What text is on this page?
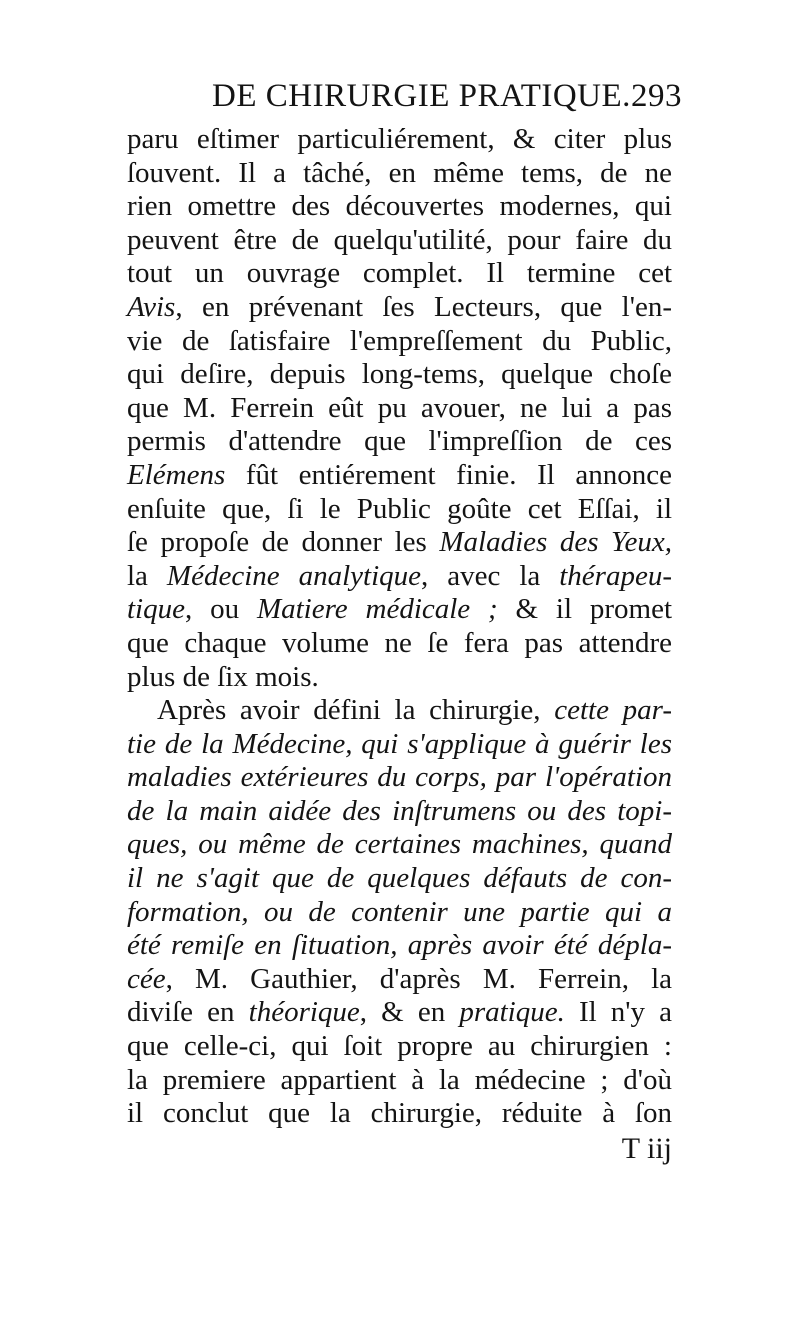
DE CHIRURGIE PRATIQUE. 293
paru eſtimer particuliérement, & citer plus
ſouvent. Il a tâché, en même tems, de ne
rien omettre des découvertes modernes, qui
peuvent être de quelqu'utilité, pour faire du
tout un ouvrage complet. Il termine cet
Avis, en prévenant ſes Lecteurs, que l'en-
vie de ſatisfaire l'empreſſement du Public,
qui deſire, depuis long-tems, quelque choſe
que M. Ferrein eût pu avouer, ne lui a pas
permis d'attendre que l'impreſſion de ces
Elémens fût entiérement finie. Il annonce
enſuite que, ſi le Public goûte cet Eſſai, il
ſe propoſe de donner les Maladies des Yeux,
la Médecine analytique, avec la thérapeu-
tique, ou Matiere médicale ; & il promet
que chaque volume ne ſe fera pas attendre
plus de ſix mois.
Après avoir défini la chirurgie, cette par-
tie de la Médecine, qui s'applique à guérir les
maladies extérieures du corps, par l'opération
de la main aidée des inſtrumens ou des topi-
ques, ou même de certaines machines, quand
il ne s'agit que de quelques défauts de con-
formation, ou de contenir une partie qui a
été remiſe en ſituation, après avoir été dépla-
cée, M. Gauthier, d'après M. Ferrein, la
diviſe en théorique, & en pratique. Il n'y a
que celle-ci, qui ſoit propre au chirurgien :
la premiere appartient à la médecine ; d'où
il conclut que la chirurgie, réduite à ſon
T iij
